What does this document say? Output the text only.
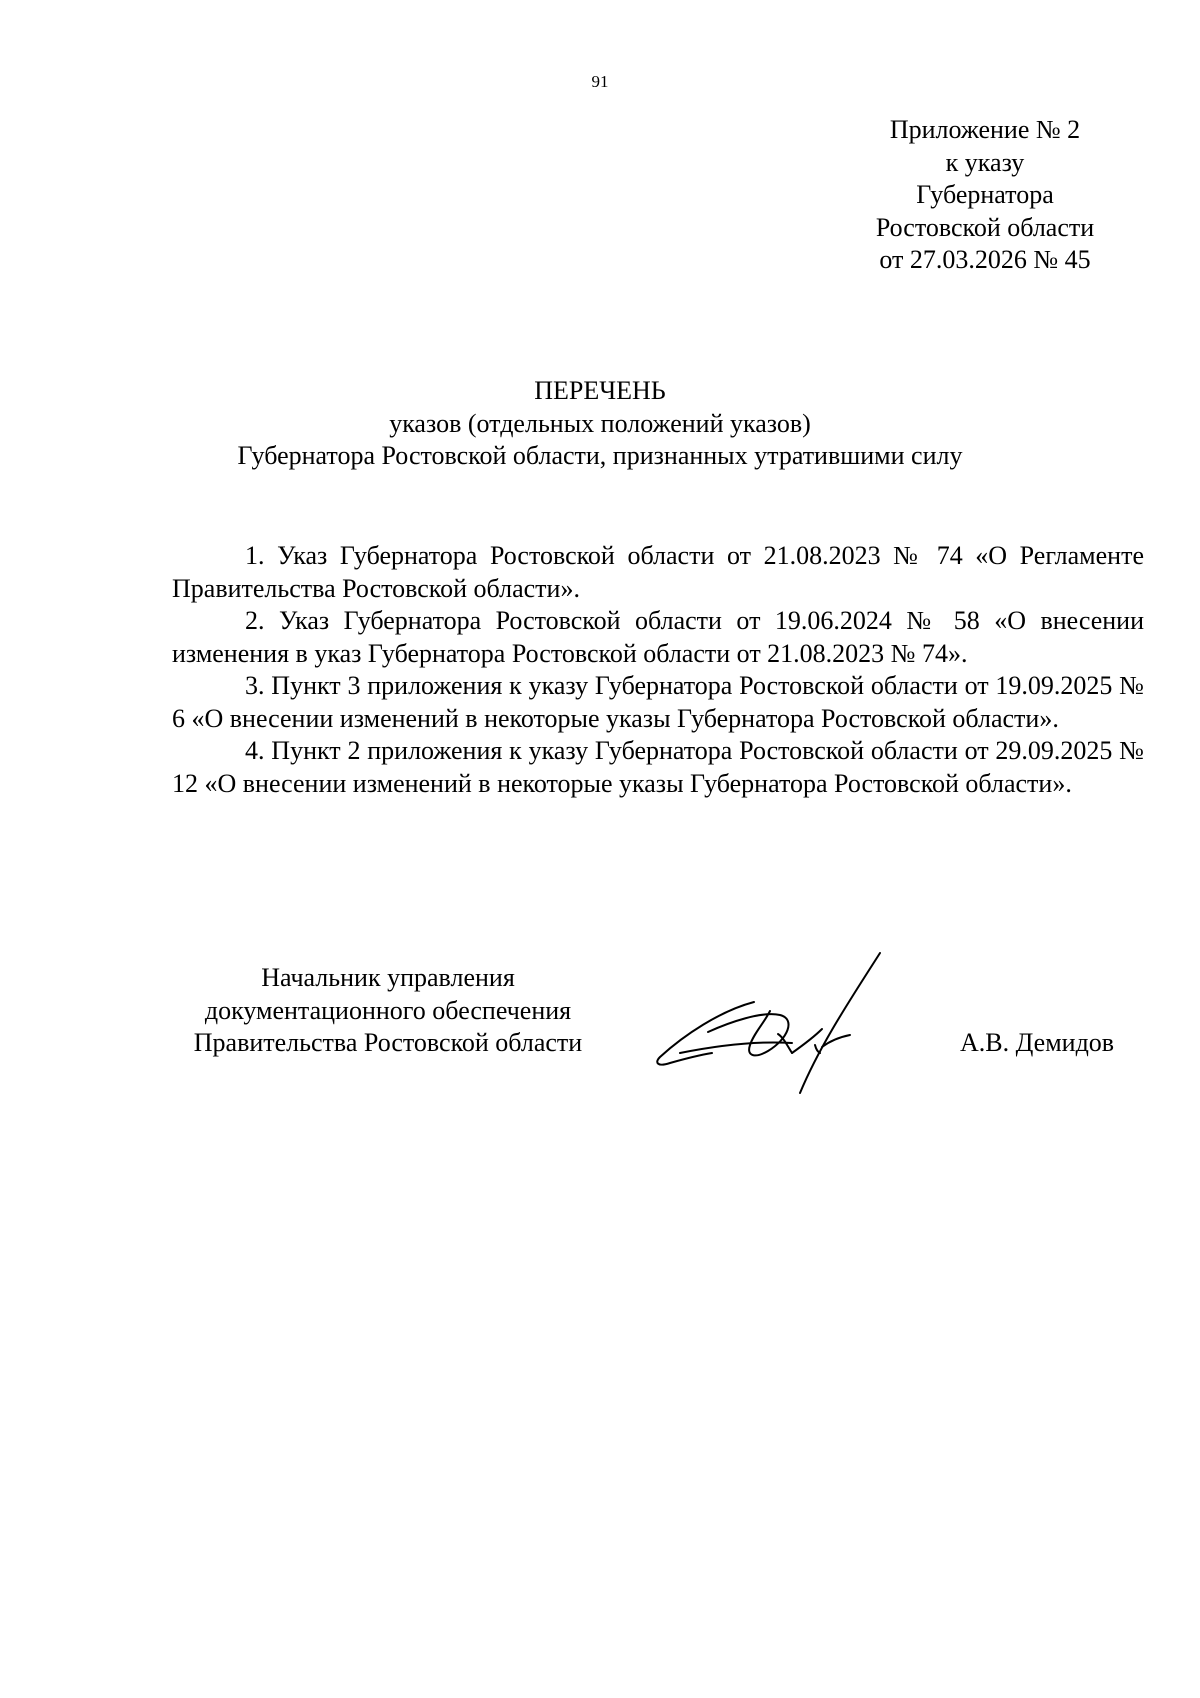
91
Приложение № 2
к указу
Губернатора
Ростовской области
от 27.03.2026 № 45
ПЕРЕЧЕНЬ
указов (отдельных положений указов)
Губернатора Ростовской области, признанных утратившими силу

1. Указ Губернатора Ростовской области от 21.08.2023 № 74 «О Регламенте Правительства Ростовской области».

2. Указ Губернатора Ростовской области от 19.06.2024 № 58 «О внесении изменения в указ Губернатора Ростовской области от 21.08.2023 № 74».

3. Пункт 3 приложения к указу Губернатора Ростовской области от 19.09.2025 № 6 «О внесении изменений в некоторые указы Губернатора Ростовской области».

4. Пункт 2 приложения к указу Губернатора Ростовской области от 29.09.2025 № 12 «О внесении изменений в некоторые указы Губернатора Ростовской области».

Начальник управления
документационного обеспечения
Правительства Ростовской области	А.В. Демидов
